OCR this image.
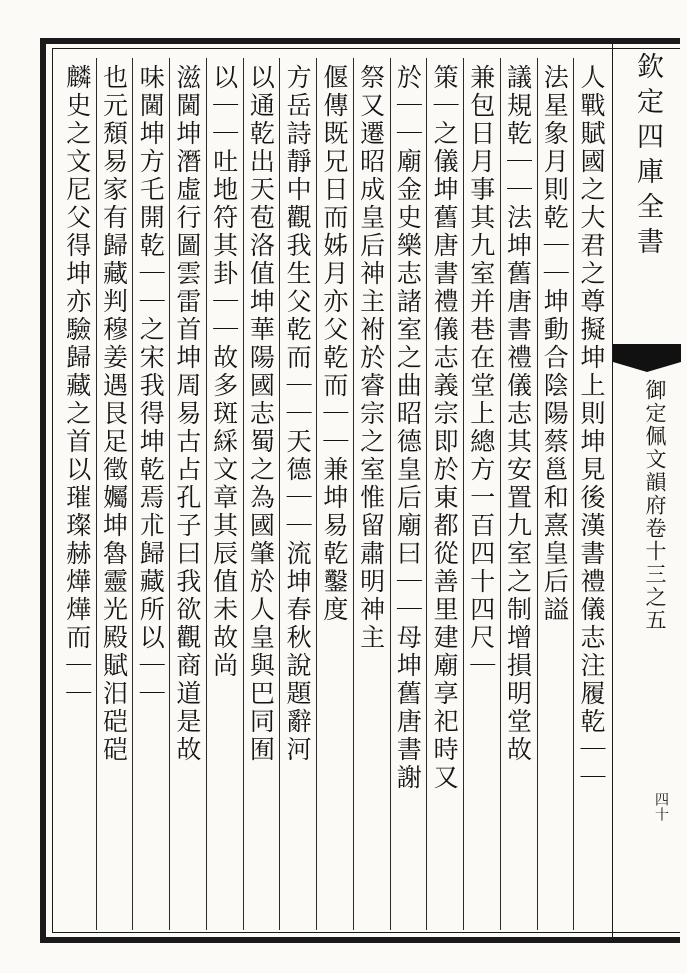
欽定四庫全書
御定佩文韻府卷十三之五
四十
人戰賦國之大君之尊擬坤上則坤見後漢書禮儀志注履乾｜｜
法星象月則乾｜｜坤動合陰陽蔡邕和熹皇后謚
議規乾｜｜法坤舊唐書禮儀志其安置九室之制增損明堂故
兼包日月事其九室并巷在堂上總方一百四十四尺｜
策｜之儀坤舊唐書禮儀志義宗即於東都從善里建廟享祀時又
於｜｜廟金史樂志諸室之曲昭德皇后廟曰｜｜母坤舊唐書謝
祭又遷昭成皇后神主袝於睿宗之室惟留肅明神主
偃傳既兄日而姊月亦父乾而｜｜兼坤易乾鑿度
方岳詩靜中觀我生父乾而｜｜天德｜｜流坤春秋說題辭河
以通乾出天苞洛值坤華陽國志蜀之為國肇於人皇與巴同囿
以｜｜吐地符其卦｜｜故多斑綵文章其辰值未故尚
滋閫坤潛虛行圖雲雷首坤周易古占孔子曰我欲觀商道是故
味閫坤方乇開乾｜｜之宋我得坤乾焉朮歸藏所以｜｜
也元頹易家有歸藏判穆姜遇艮足徵孎坤魯靈光殿賦汨硙硙
麟史之文尼父得坤亦驗歸藏之首以璀璨赫燁燁而｜｜
